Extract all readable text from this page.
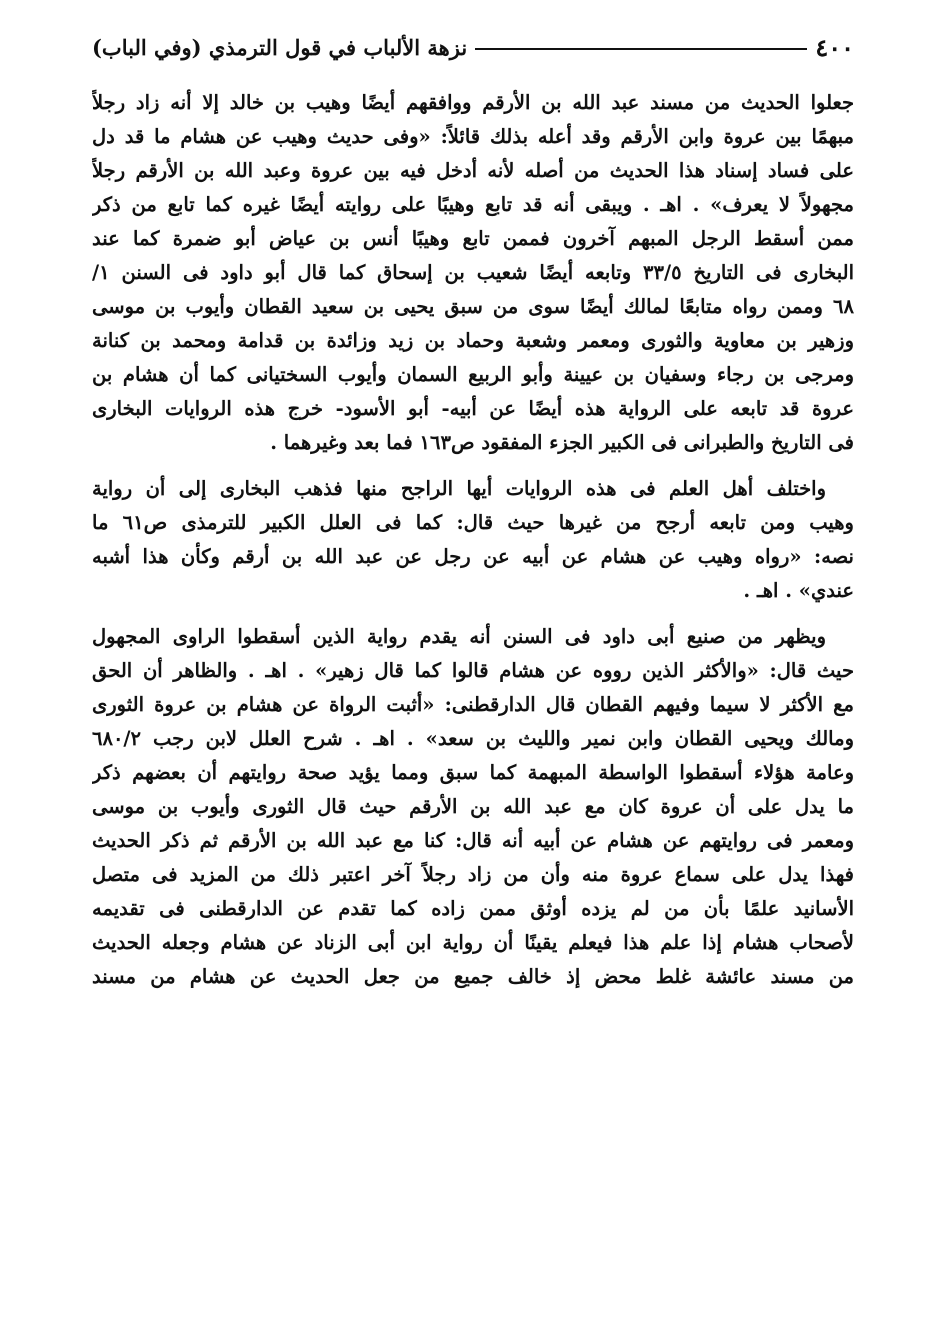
٤٠٠
نزهة الألباب في قول الترمذي (وفي الباب)
جعلوا الحديث من مسند عبد الله بن الأرقم ووافقهم أيضًا وهيب بن خالد إلا أنه زاد رجلاً
مبهمًا بين عروة وابن الأرقم وقد أعله بذلك قائلاً: «وفى حديث وهيب عن هشام ما قد دل
على فساد إسناد هذا الحديث من أصله لأنه أدخل فيه بين عروة وعبد الله بن الأرقم رجلاً
مجهولاً لا يعرف» . اهـ . ويبقى أنه قد تابع وهيبًا على روايته أيضًا غيره كما تابع من ذكر
ممن أسقط الرجل المبهم آخرون فممن تابع وهيبًا أنس بن عياض أبو ضمرة كما عند
البخارى فى التاريخ ٣٣/٥ وتابعه أيضًا شعيب بن إسحاق كما قال أبو داود فى السنن ١/
٦٨ وممن رواه متابعًا لمالك أيضًا سوى من سبق يحيى بن سعيد القطان وأيوب بن موسى
وزهير بن معاوية والثورى ومعمر وشعبة وحماد بن زيد وزائدة بن قدامة ومحمد بن كنانة
ومرجى بن رجاء وسفيان بن عيينة وأبو الربيع السمان وأيوب السختيانى كما أن هشام بن
عروة قد تابعه على الرواية هذه أيضًا عن أبيه- أبو الأسود- خرج هذه الروايات البخارى
فى التاريخ والطبرانى فى الكبير الجزء المفقود ص١٦٣ فما بعد وغيرهما .
واختلف أهل العلم فى هذه الروايات أيها الراجح منها فذهب البخارى إلى أن رواية
وهيب ومن تابعه أرجح من غيرها حيث قال: كما فى العلل الكبير للترمذى ص٦١ ما
نصه: «رواه وهيب عن هشام عن أبيه عن رجل عن عبد الله بن أرقم وكأن هذا أشبه
عندي» . اهـ .
ويظهر من صنيع أبى داود فى السنن أنه يقدم رواية الذين أسقطوا الراوى المجهول
حيث قال: «والأكثر الذين رووه عن هشام قالوا كما قال زهير» . اهـ . والظاهر أن الحق
مع الأكثر لا سيما وفيهم القطان قال الدارقطنى: «أثبت الرواة عن هشام بن عروة الثورى
ومالك ويحيى القطان وابن نمير والليث بن سعد» . اهـ . شرح العلل لابن رجب ٦٨٠/٢
وعامة هؤلاء أسقطوا الواسطة المبهمة كما سبق ومما يؤيد صحة روايتهم أن بعضهم ذكر
ما يدل على أن عروة كان مع عبد الله بن الأرقم حيث قال الثورى وأيوب بن موسى
ومعمر فى روايتهم عن هشام عن أبيه أنه قال: كنا مع عبد الله بن الأرقم ثم ذكر الحديث
فهذا يدل على سماع عروة منه وأن من زاد رجلاً آخر اعتبر ذلك من المزيد فى متصل
الأسانيد علمًا بأن من لم يزده أوثق ممن زاده كما تقدم عن الدارقطنى فى تقديمه
لأصحاب هشام إذا علم هذا فيعلم يقينًا أن رواية ابن أبى الزناد عن هشام وجعله الحديث
من مسند عائشة غلط محض إذ خالف جميع من جعل الحديث عن هشام من مسند
